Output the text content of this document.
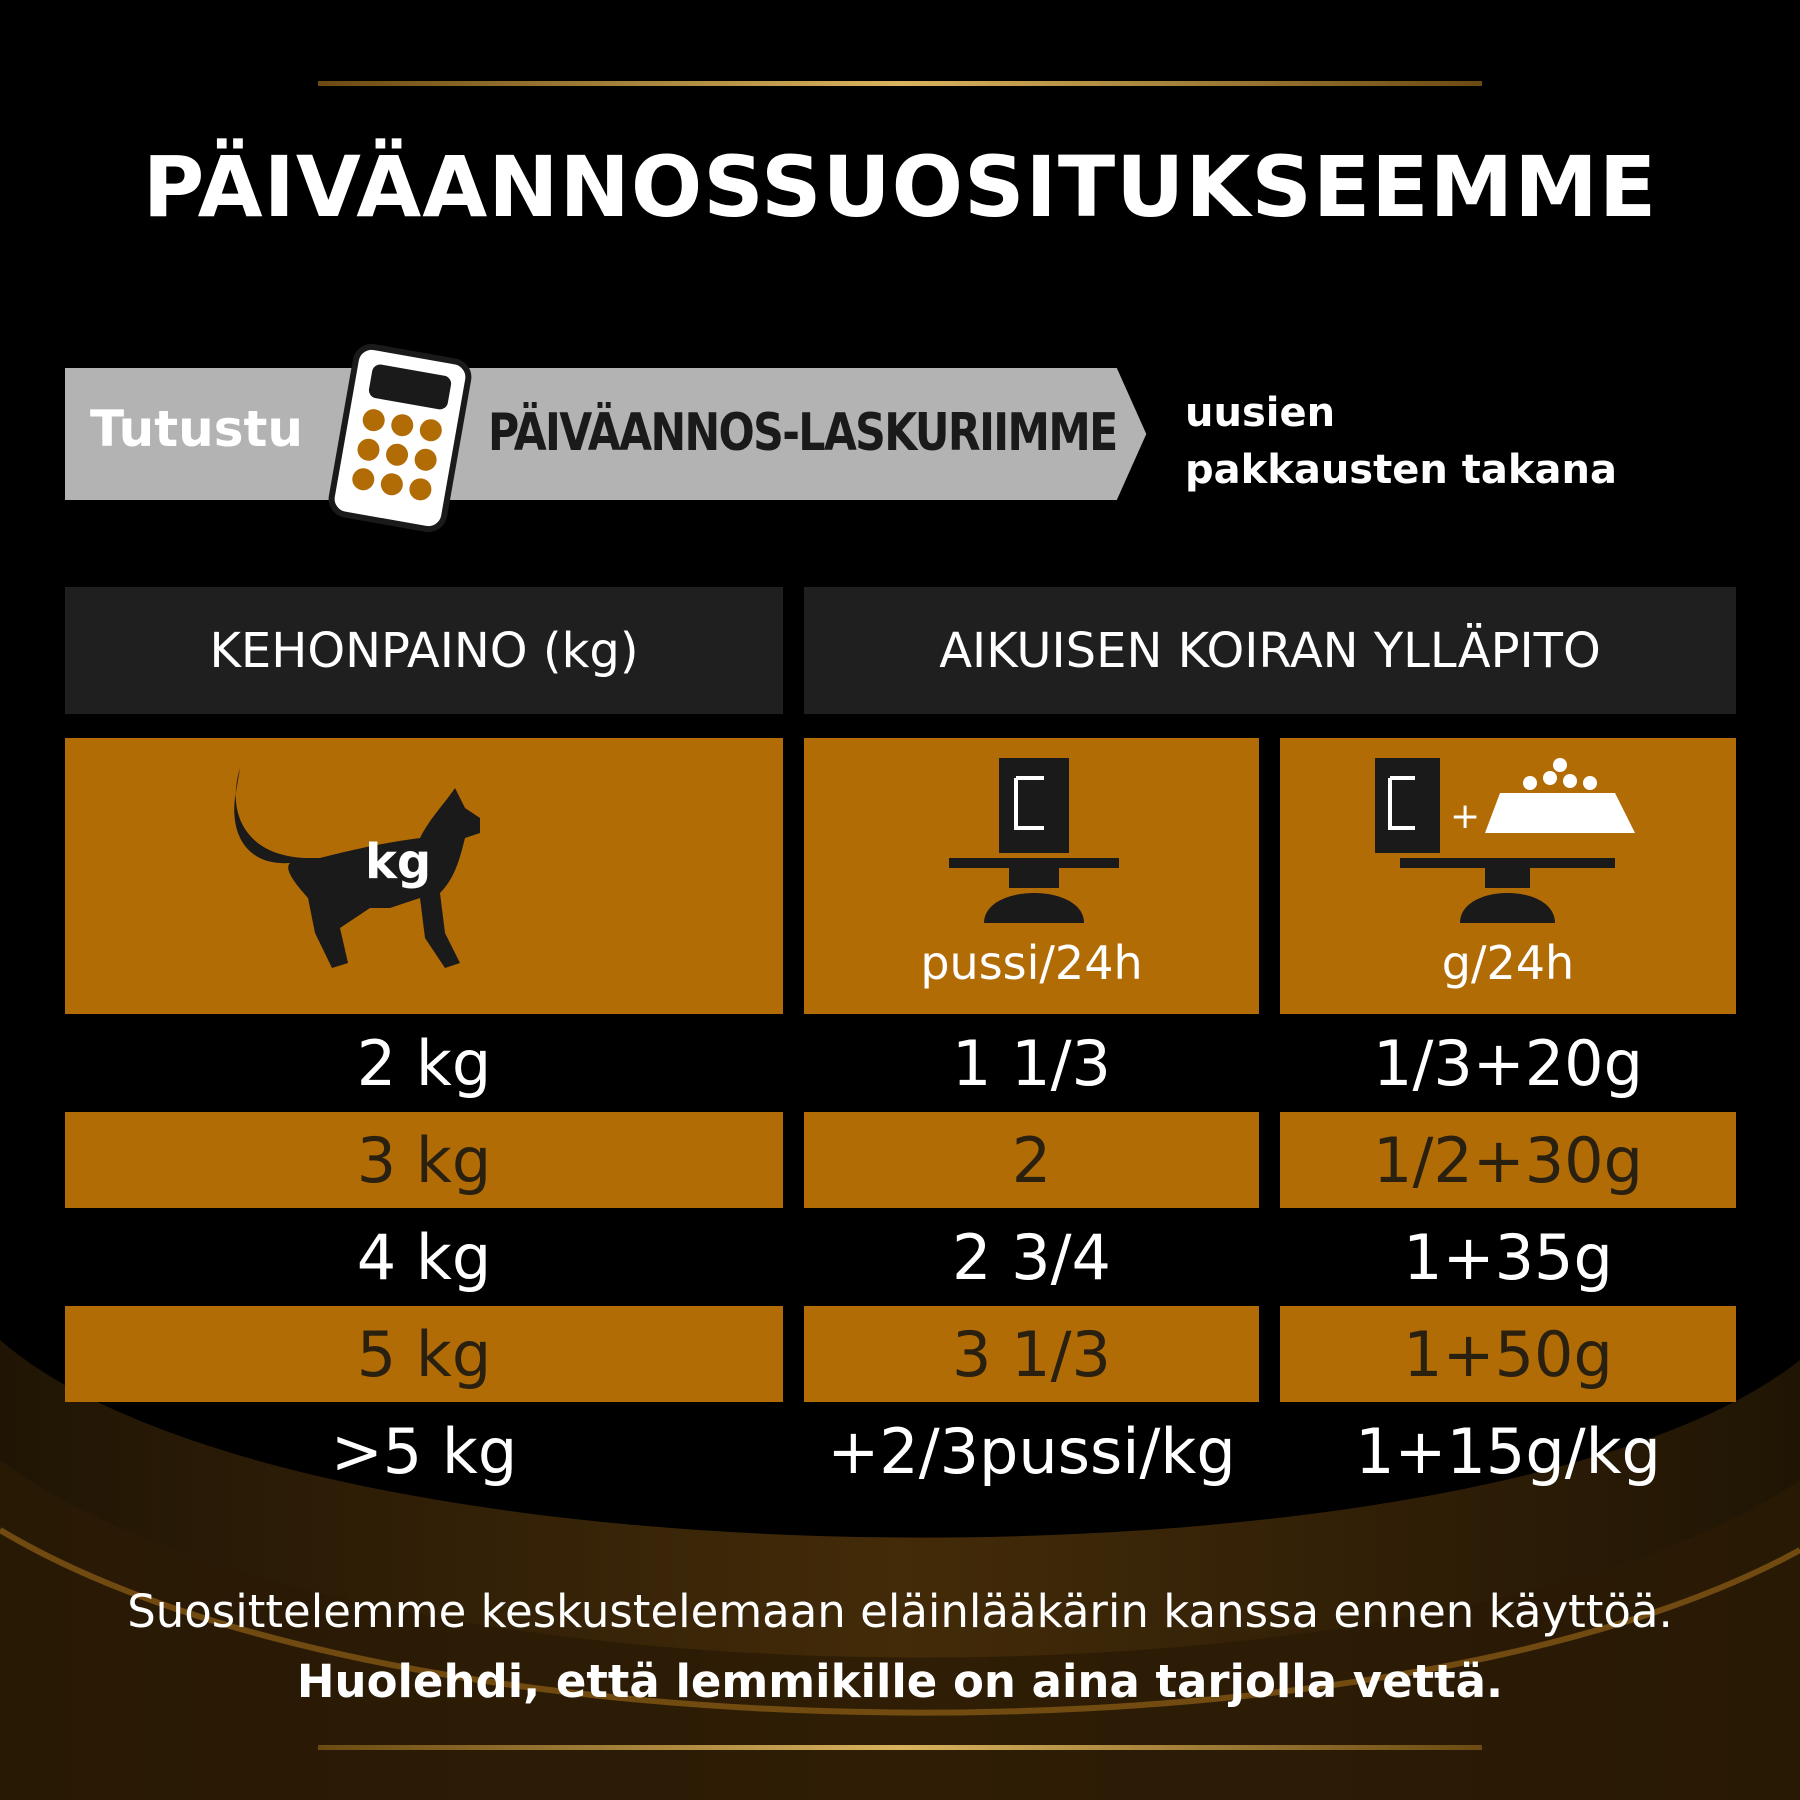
PÄIVÄANNOSSUOSITUKSEEMME
Tutustu	PÄIVÄANNOS-LASKURIIMME uusien
pakkausten takana
KEHONPAINO (kg)	AIKUISEN KOIRAN YLLÄPITO
kg
pussi/24h
+
g/24h
2 kg	1 1/3	1/3+20g
3 kg	2	1/2+30g
4 kg	2 3/4	1+35g
5 kg	3 1/3	1+50g
>5 kg	+2/3pussi/kg	1+15g/kg
Suosittelemme keskustelemaan eläinlääkärin kanssa ennen käyttöä.
Huolehdi, että lemmikille on aina tarjolla vettä.
